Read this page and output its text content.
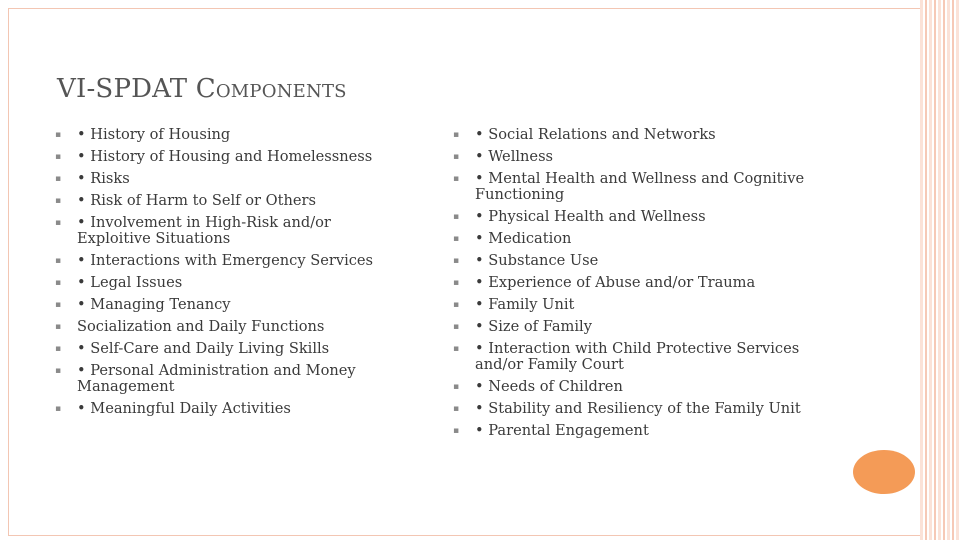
VI-SPDAT COMPONENTS
▪ • History of Housing
▪ • History of Housing and Homelessness
▪ • Risks
▪ • Risk of Harm to Self or Others
▪ • Involvement in High-Risk and/or Exploitive Situations
▪ • Interactions with Emergency Services
▪ • Legal Issues
▪ • Managing Tenancy
▪ Socialization and Daily Functions
▪ • Self-Care and Daily Living Skills
▪ • Personal Administration and Money Management
▪ • Meaningful Daily Activities
▪ • Social Relations and Networks
▪ • Wellness
▪ • Mental Health and Wellness and Cognitive Functioning
▪ • Physical Health and Wellness
▪ • Medication
▪ • Substance Use
▪ • Experience of Abuse and/or Trauma
▪ • Family Unit
▪ • Size of Family
▪ • Interaction with Child Protective Services and/or Family Court
▪ • Needs of Children
▪ • Stability and Resiliency of the Family Unit
▪ • Parental Engagement
